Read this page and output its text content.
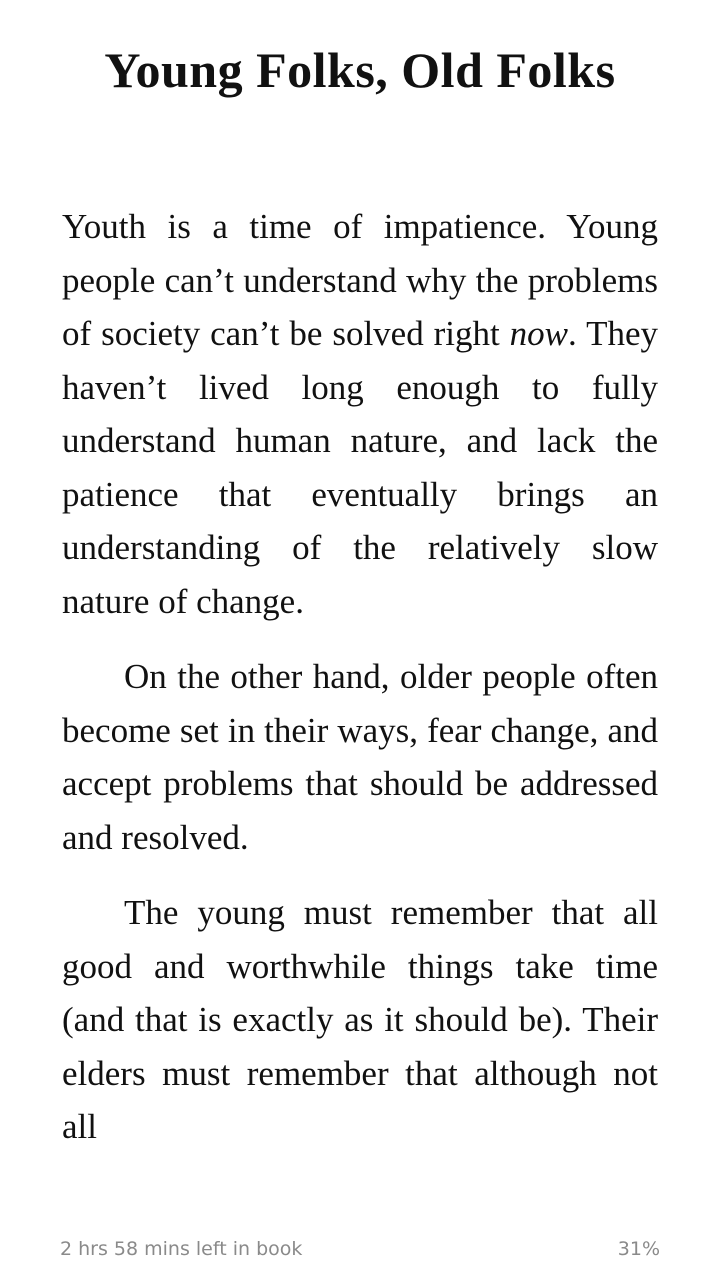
Young Folks, Old Folks

Youth is a time of impatience. Young people can’t understand why the problems of society can’t be solved right now. They haven’t lived long enough to fully understand human nature, and lack the patience that eventually brings an understanding of the relatively slow nature of change.

On the other hand, older people often become set in their ways, fear change, and accept problems that should be addressed and resolved.

The young must remember that all good and worthwhile things take time (and that is exactly as it should be). Their elders must remember that although not all

2 hrs 58 mins left in book	31%
